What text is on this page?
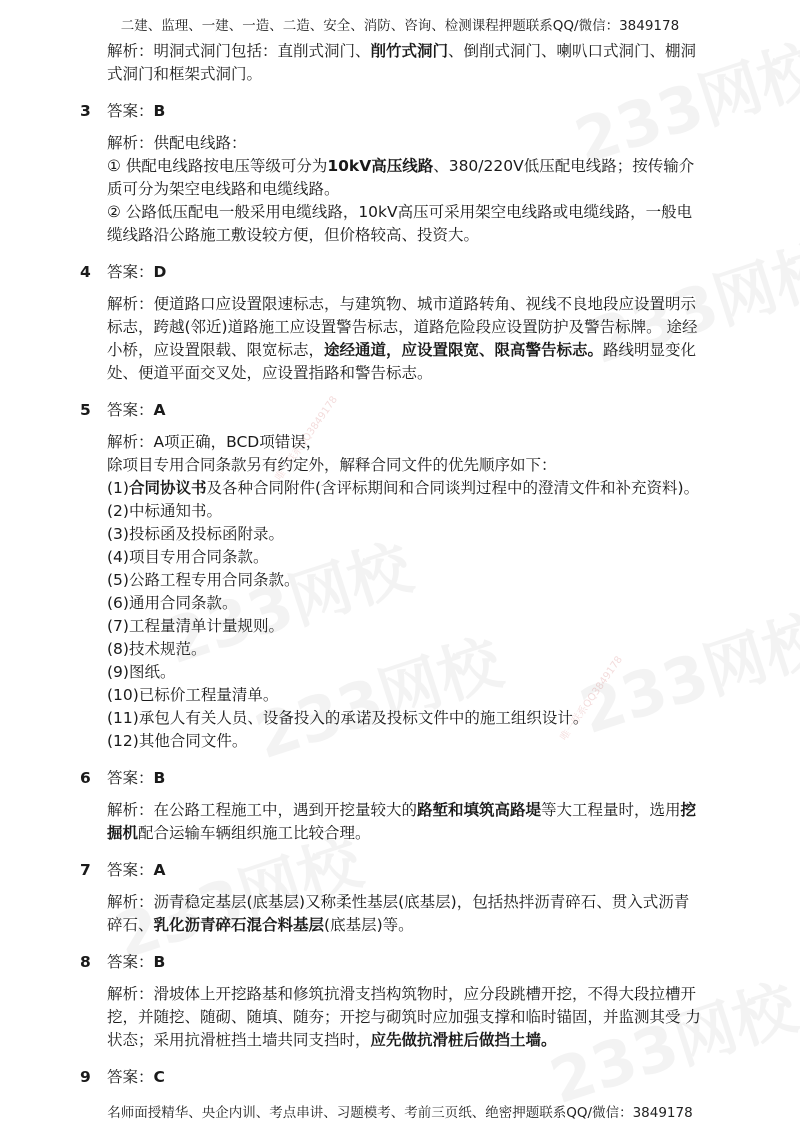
二建、监理、一建、一造、二造、安全、消防、咨询、检测课程押题联系QQ/微信：3849178
唯一联系QQ3849178
唯一联系QQ3849178
解析：明洞式洞门包括：直削式洞门、削竹式洞门、倒削式洞门、喇叭口式洞门、棚洞
式洞门和框架式洞门。
3 答案：B
解析：供配电线路：
① 供配电线路按电压等级可分为10kV高压线路、380/220V低压配电线路；按传输介
质可分为架空电线路和电缆线路。
② 公路低压配电一般采用电缆线路，10kV高压可采用架空电线路或电缆线路，一般电
缆线路沿公路施工敷设较方便，但价格较高、投资大。
4 答案：D
解析：便道路口应设置限速标志，与建筑物、城市道路转角、视线不良地段应设置明示
标志，跨越(邻近)道路施工应设置警告标志，道路危险段应设置防护及警告标牌。 途经
小桥，应设置限载、限宽标志，途经通道，应设置限宽、限高警告标志。路线明显变化
处、便道平面交叉处，应设置指路和警告标志。
5 答案：A
解析：A项正确，BCD项错误，
除项目专用合同条款另有约定外，解释合同文件的优先顺序如下：
(1)合同协议书及各种合同附件(含评标期间和合同谈判过程中的澄清文件和补充资料)。
(2)中标通知书。
(3)投标函及投标函附录。
(4)项目专用合同条款。
(5)公路工程专用合同条款。
(6)通用合同条款。
(7)工程量清单计量规则。
(8)技术规范。
(9)图纸。
(10)已标价工程量清单。
(11)承包人有关人员、设备投入的承诺及投标文件中的施工组织设计。
(12)其他合同文件。
6 答案：B
解析：在公路工程施工中，遇到开挖量较大的路堑和填筑高路堤等大工程量时，选用挖
掘机配合运输车辆组织施工比较合理。
7 答案：A
解析：沥青稳定基层(底基层)又称柔性基层(底基层)，包括热拌沥青碎石、贯入式沥青
碎石、乳化沥青碎石混合料基层(底基层)等。
8 答案：B
解析：滑坡体上开挖路基和修筑抗滑支挡构筑物时，应分段跳槽开挖，不得大段拉槽开
挖，并随挖、随砌、随填、随夯；开挖与砌筑时应加强支撑和临时锚固，并监测其受 力
状态；采用抗滑桩挡土墙共同支挡时，应先做抗滑桩后做挡土墙。
9 答案：C
名师面授精华、央企内训、考点串讲、习题模考、考前三页纸、绝密押题联系QQ/微信：3849178
